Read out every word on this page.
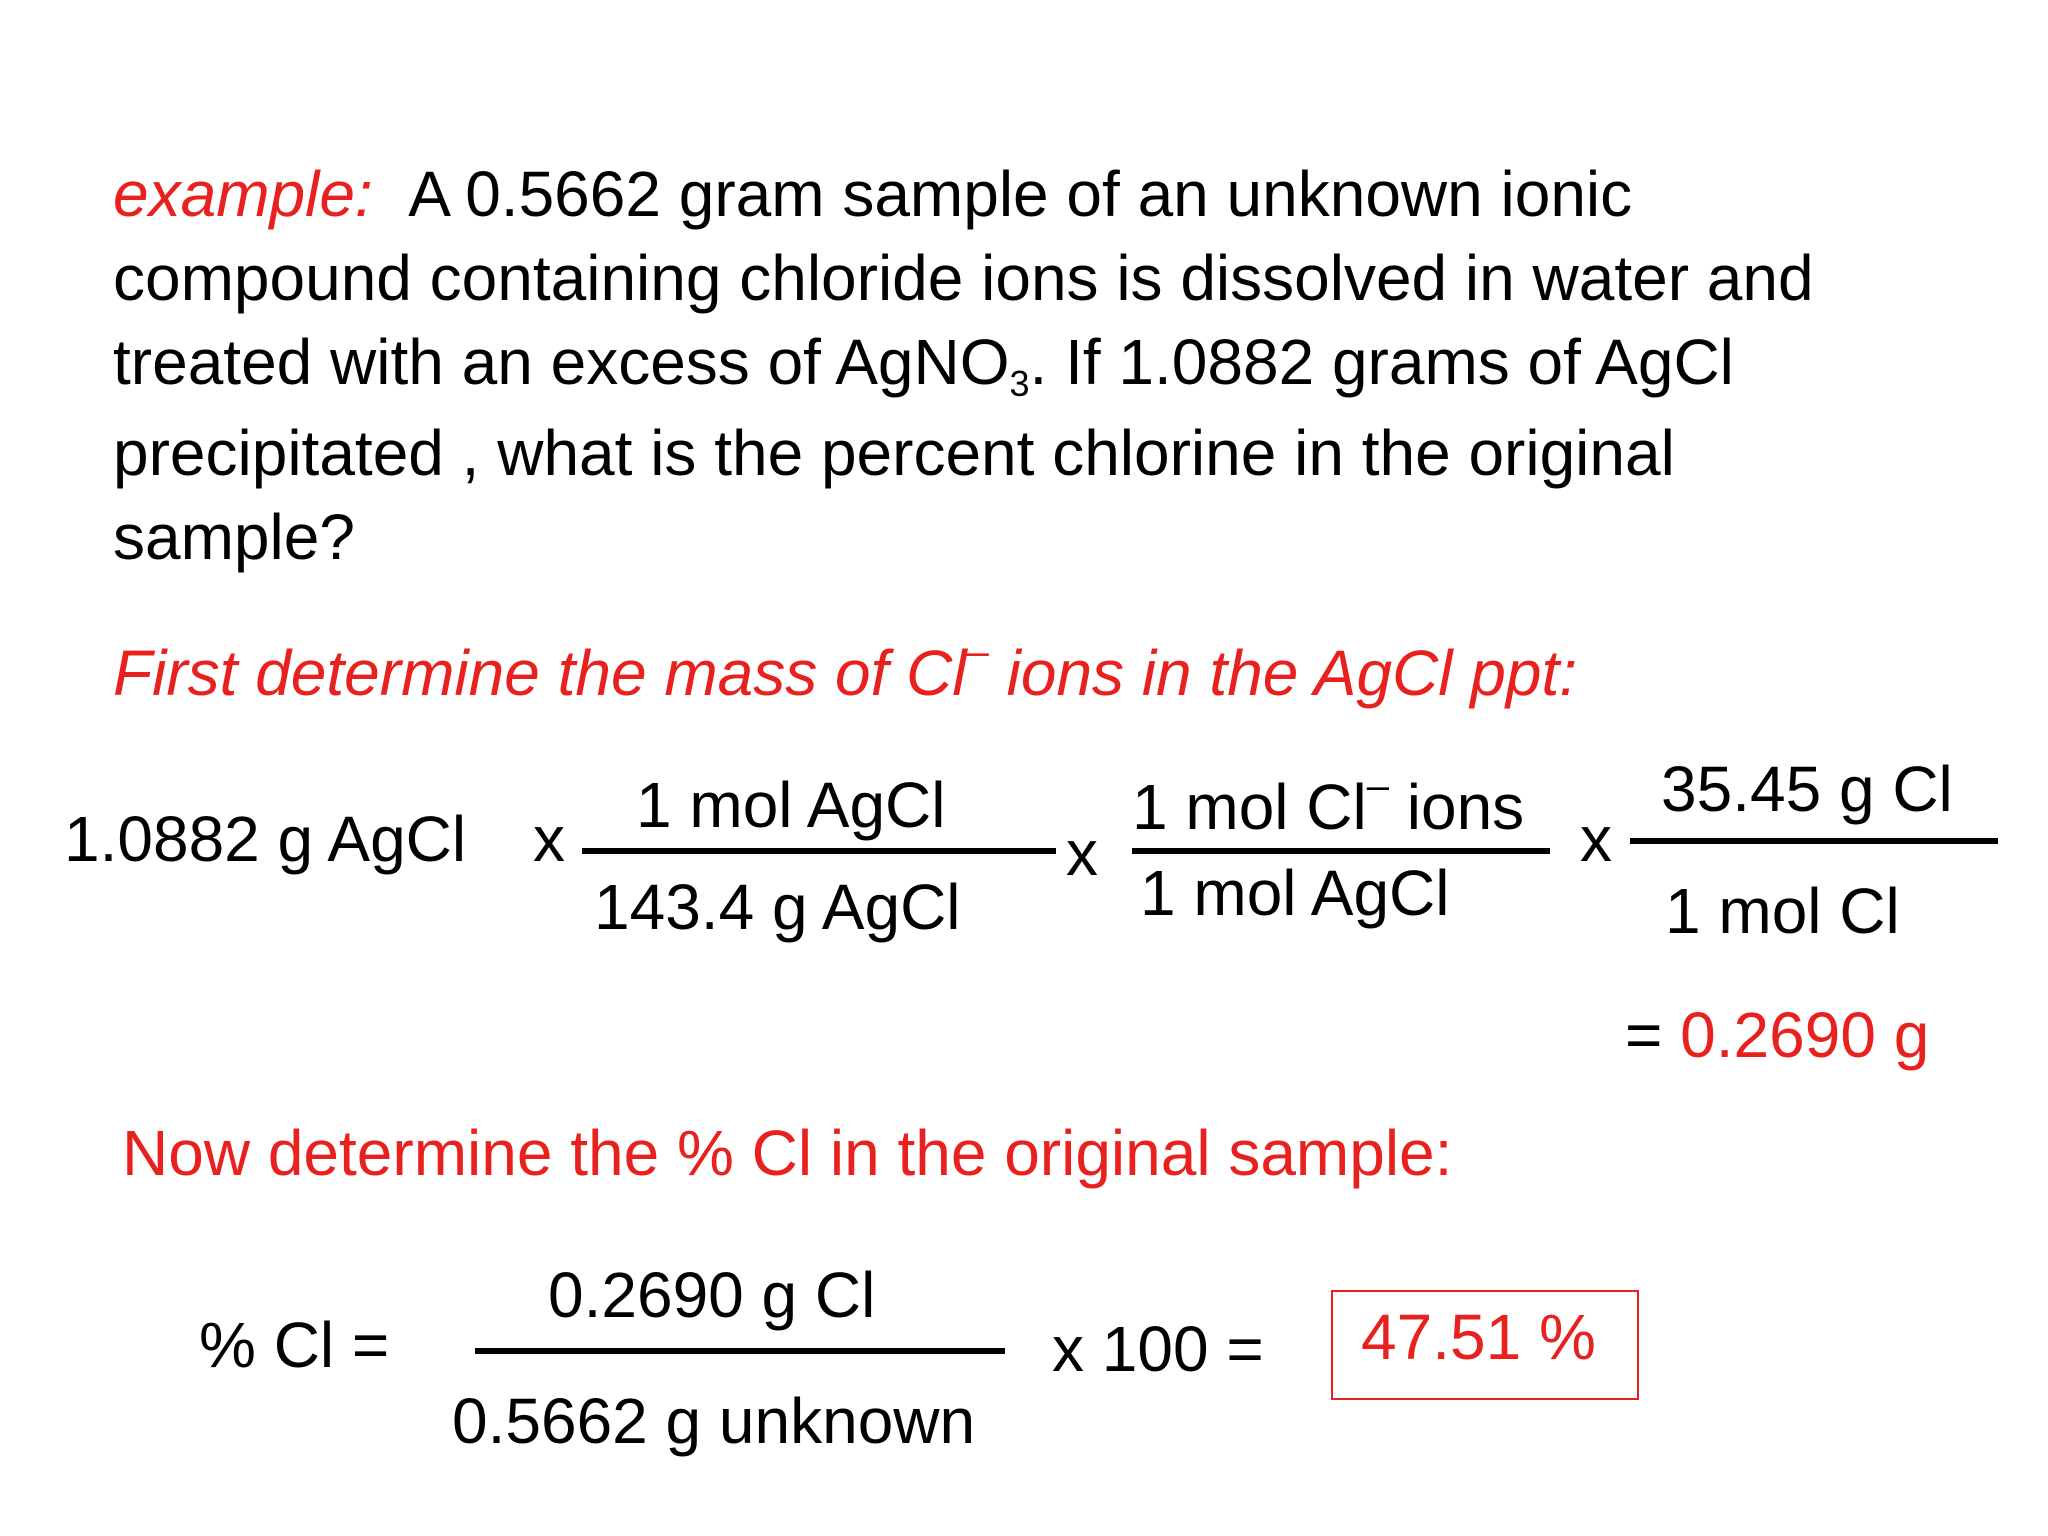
example: A 0.5662 gram sample of an unknown ionic
compound containing chloride ions is dissolved in water and
treated with an excess of AgNO$_3$. If 1.0882 grams of AgCl
precipitated , what is the percent chlorine in the original
sample?
First determine the mass of Cl– ions in the AgCl ppt:
1.0882 g AgCl x 1 mol AgCl
143.4 g AgCl
x
1 mol Cl– ions
1 mol AgCl
x
35.45 g Cl
1 mol Cl
= 0.2690 g
Now determine the % Cl in the original sample:
% Cl =
0.2690 g Cl
0.5662 g unknown
x 100 = 47.51 %
